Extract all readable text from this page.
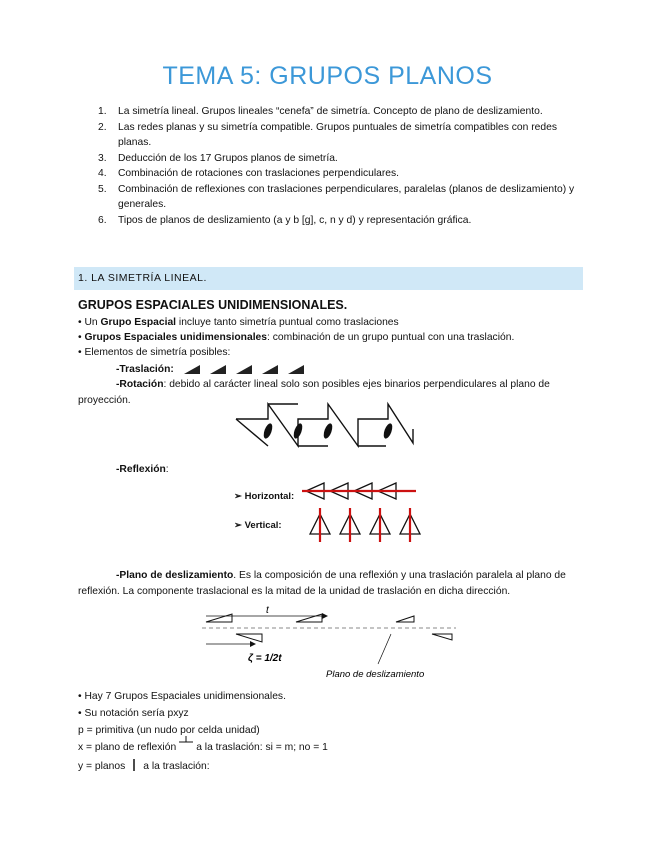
TEMA 5: GRUPOS PLANOS
1.	La simetría lineal. Grupos lineales “cenefa” de simetría. Concepto de plano de deslizamiento.
2.	Las redes planas y su simetría compatible. Grupos puntuales de simetría compatibles con redes planas.
3.	Deducción de los 17 Grupos planos de simetría.
4.	Combinación de rotaciones con traslaciones perpendiculares.
5.	Combinación de reflexiones con traslaciones perpendiculares, paralelas (planos de deslizamiento) y generales.
6.	Tipos de planos de deslizamiento (a y b [g], c, n y d) y representación gráfica.
1. LA SIMETRÍA LINEAL.
GRUPOS ESPACIALES UNIDIMENSIONALES.
• Un Grupo Espacial incluye tanto simetría puntual como traslaciones
• Grupos Espaciales unidimensionales: combinación de un grupo puntual con una traslación.
• Elementos de simetría posibles:
-Traslación:
-Rotación: debido al carácter lineal solo son posibles ejes binarios perpendiculares al plano de proyección.
-Reflexión:
➢ Horizontal:
➢ Vertical:
-Plano de deslizamiento. Es la composición de una reflexión y una traslación paralela al plano de reflexión. La componente traslacional es la mitad de la unidad de traslación en dicha dirección.
t
ζ = 1/2t
Plano de deslizamiento
• Hay 7 Grupos Espaciales unidimensionales.
• Su notación sería pxyz
p = primitiva (un nudo por celda unidad)
x = plano de reflexión a la traslación: si = m; no = 1
y = planos a la traslación:
